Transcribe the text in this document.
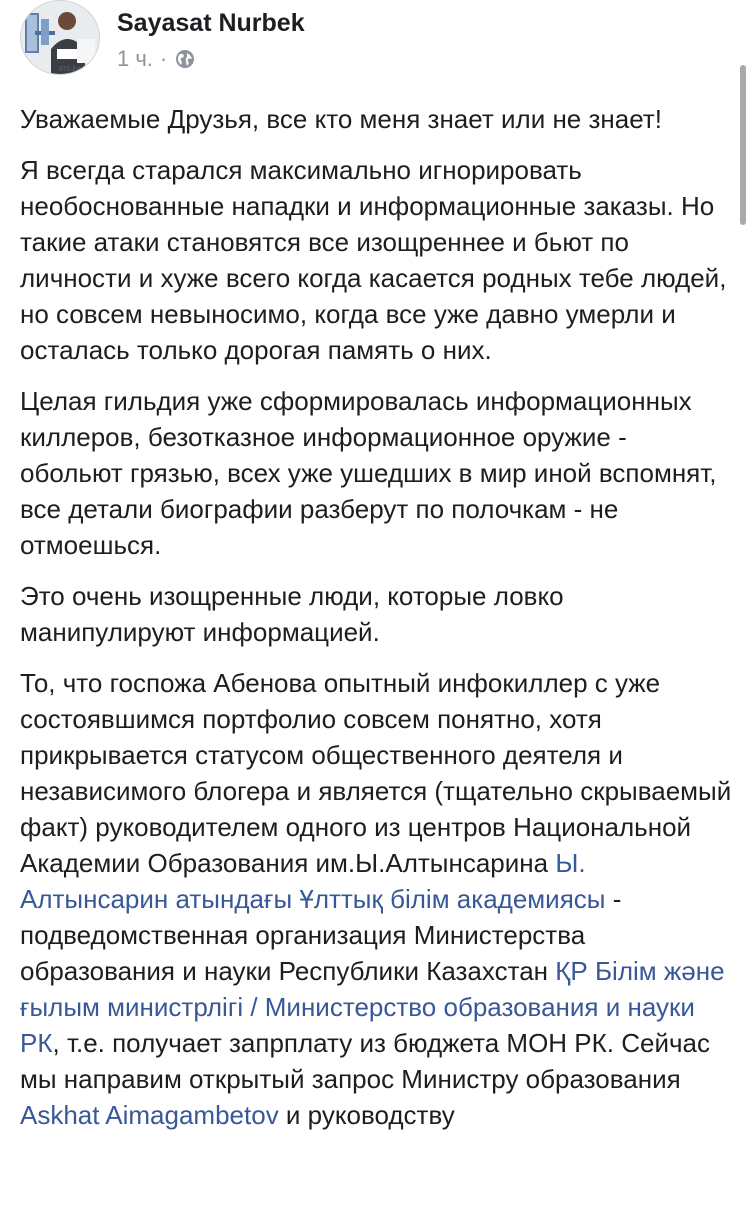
BTS-Educati
Sayasat Nurbek
1 ч. ·

Уважаемые Друзья, все кто меня знает или не знает!

Я всегда старался максимально игнорировать необоснованные нападки и информационные заказы. Но такие атаки становятся все изощреннее и бьют по личности и хуже всего когда касается родных тебе людей, но совсем невыносимо, когда все уже давно умерли и осталась только дорогая память о них.

Целая гильдия уже сформировалась информационных киллеров, безотказное информационное оружие - обольют грязью, всех уже ушедших в мир иной вспомнят, все детали биографии разберут по полочкам - не отмоешься.

Это очень изощренные люди, которые ловко манипулируют информацией.

То, что госпожа Абенова опытный инфокиллер с уже состоявшимся портфолио совсем понятно, хотя прикрывается статусом общественного деятеля и независимого блогера и является (тщательно скрываемый факт) руководителем одного из центров Национальной Академии Образования им.Ы.Алтынсарина Ы. Алтынсарин атындағы Ұлттық білім академиясы - подведомственная организация Министерства образования и науки Республики Казахстан ҚР Білім және ғылым министрлігі / Министерство образования и науки РК, т.е. получает запрплату из бюджета МОН РК. Сейчас мы направим открытый запрос Министру образования Askhat Aimagambetov и руководству
